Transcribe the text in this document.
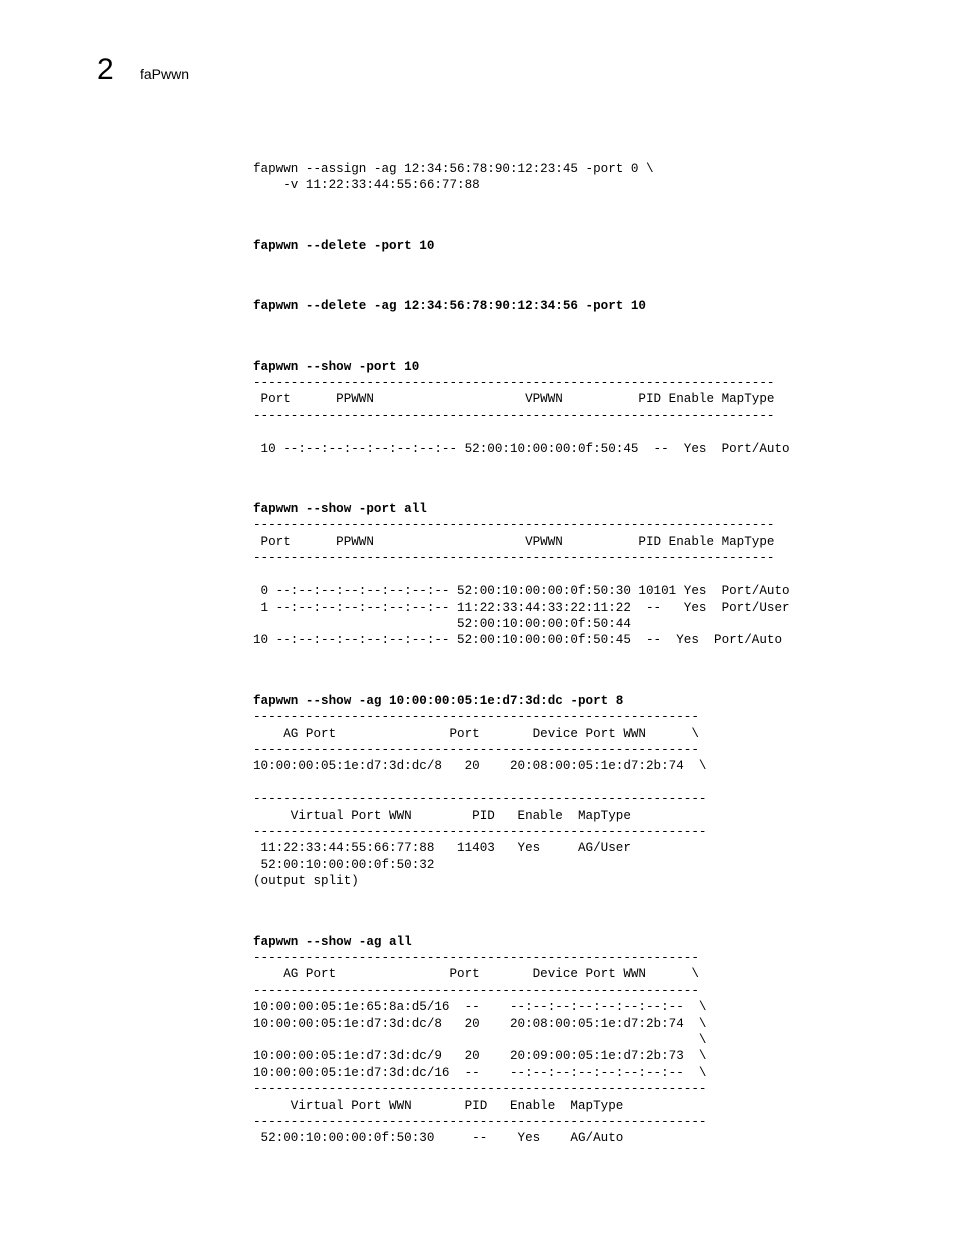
2 faPwwn
fapwwn --assign -ag 12:34:56:78:90:12:23:45 -port 0 \
-v 11:22:33:44:55:66:77:88
fapwwn --delete -port 10
fapwwn --delete -ag 12:34:56:78:90:12:34:56 -port 10
fapwwn --show -port 10
---------------------------------------------------------------------
Port      PPWWN                    VPWWN          PID Enable MapType
---------------------------------------------------------------------

10 --:--:--:--:--:--:--:-- 52:00:10:00:00:0f:50:45  --  Yes  Port/Auto
fapwwn --show -port all
---------------------------------------------------------------------
Port      PPWWN                    VPWWN          PID Enable MapType
---------------------------------------------------------------------

0 --:--:--:--:--:--:--:-- 52:00:10:00:00:0f:50:30 10101 Yes  Port/Auto
1 --:--:--:--:--:--:--:-- 11:22:33:44:33:22:11:22  --   Yes  Port/User
52:00:10:00:00:0f:50:44
10 --:--:--:--:--:--:--:-- 52:00:10:00:00:0f:50:45  --  Yes  Port/Auto
fapwwn --show -ag 10:00:00:05:1e:d7:3d:dc -port 8
-----------------------------------------------------------
AG Port               Port       Device Port WWN      \
-----------------------------------------------------------
10:00:00:05:1e:d7:3d:dc/8   20    20:08:00:05:1e:d7:2b:74  \

------------------------------------------------------------
Virtual Port WWN        PID   Enable  MapType
------------------------------------------------------------
11:22:33:44:55:66:77:88   11403   Yes     AG/User
52:00:10:00:00:0f:50:32
(output split)
fapwwn --show -ag all
-----------------------------------------------------------
AG Port               Port       Device Port WWN      \
-----------------------------------------------------------
10:00:00:05:1e:65:8a:d5/16  --    --:--:--:--:--:--:--:--  \
10:00:00:05:1e:d7:3d:dc/8   20    20:08:00:05:1e:d7:2b:74  \
\
10:00:00:05:1e:d7:3d:dc/9   20    20:09:00:05:1e:d7:2b:73  \
10:00:00:05:1e:d7:3d:dc/16  --    --:--:--:--:--:--:--:--  \
------------------------------------------------------------
Virtual Port WWN       PID   Enable  MapType
------------------------------------------------------------
52:00:10:00:00:0f:50:30     --    Yes    AG/Auto
